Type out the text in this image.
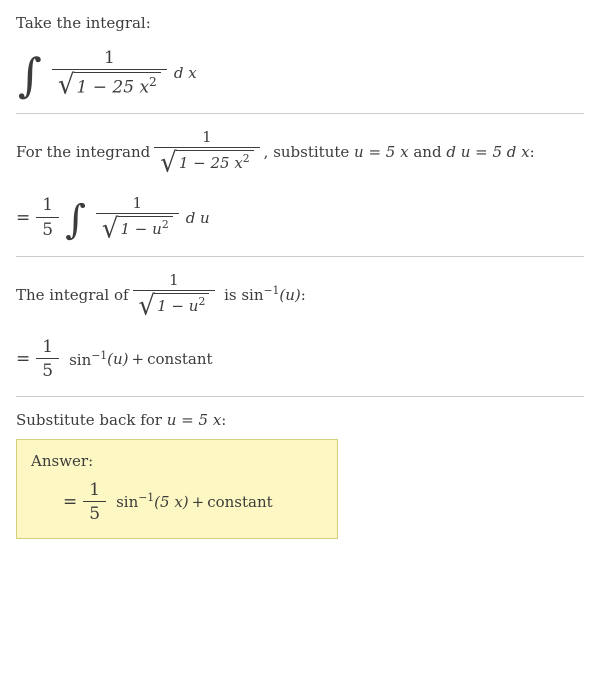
Take the integral:
∫ $\frac{1}{√ 1 - 25 x^2}$ d x
For the integrand $\frac{1}{√ 1 - 25 x^2}$ , substitute u = 5 x and d u = 5 d x :
= $\frac{1}{5}$ ∫ $\frac{1}{√ 1 - u^2}$ d u
The integral of $\frac{1}{√ 1 - u^2}$ is $\sin^{-1} (u)$ :
= $\frac{1}{5} \sin^{-1} (u)$ + constant
Substitute back for u = 5 x :
Answer:
= $\frac{1}{5} \sin^{-1} (5$ x) + constant
